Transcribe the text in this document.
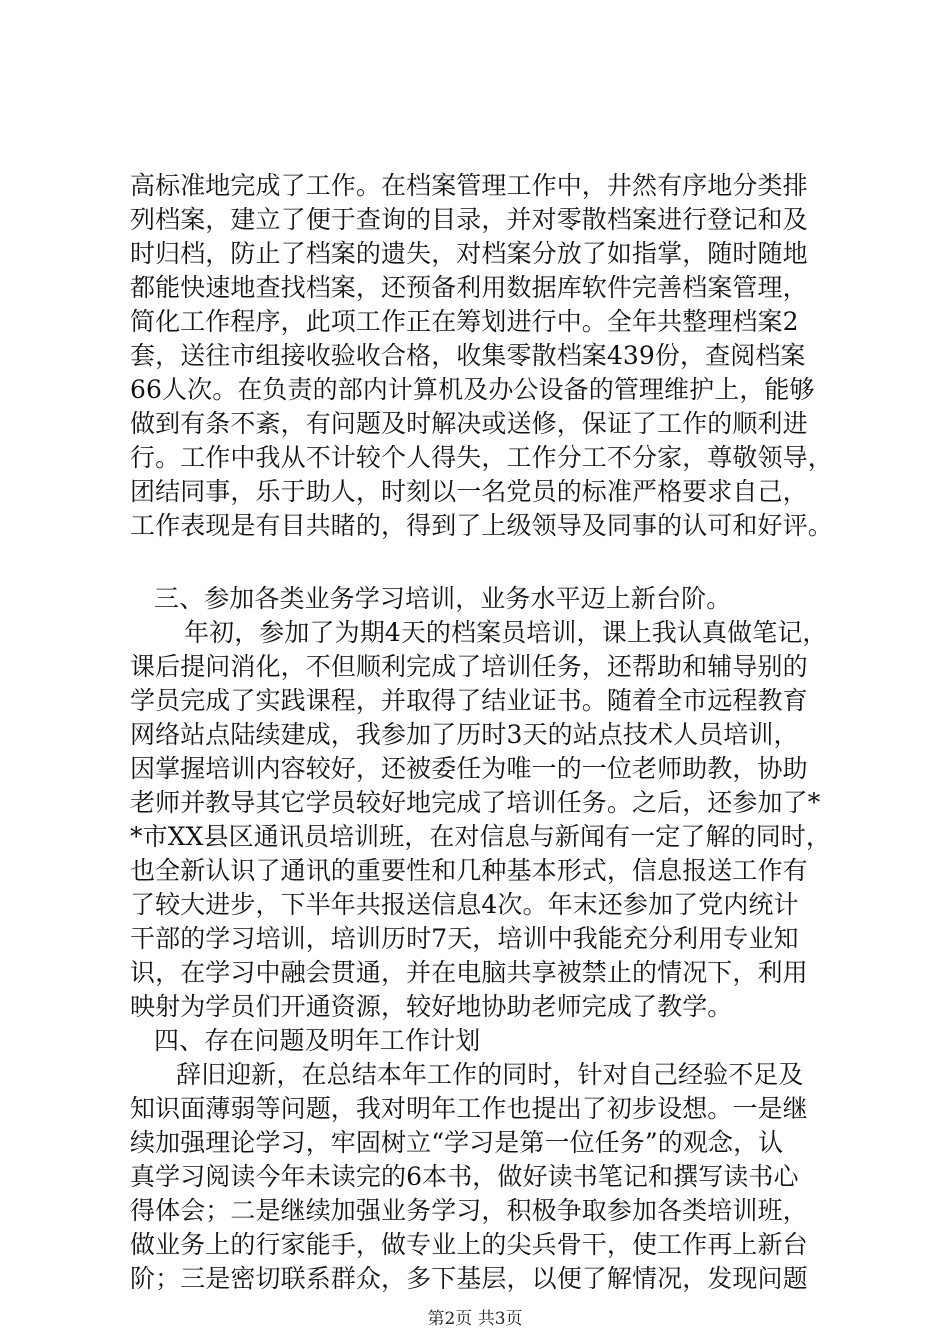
高标准地完成了工作。在档案管理工作中，井然有序地分类排
列档案，建立了便于查询的目录，并对零散档案进行登记和及
时归档，防止了档案的遗失，对档案分放了如指掌，随时随地
都能快速地查找档案，还预备利用数据库软件完善档案管理，
简化工作程序，此项工作正在筹划进行中。全年共整理档案2
套，送往市组接收验收合格，收集零散档案439份，查阅档案
66人次。在负责的部内计算机及办公设备的管理维护上，能够
做到有条不紊，有问题及时解决或送修，保证了工作的顺利进
行。工作中我从不计较个人得失，工作分工不分家，尊敬领导，
团结同事，乐于助人，时刻以一名党员的标准严格要求自己，
工作表现是有目共睹的，得到了上级领导及同事的认可和好评。
三、参加各类业务学习培训，业务水平迈上新台阶。
年初，参加了为期4天的档案员培训，课上我认真做笔记，
课后提问消化，不但顺利完成了培训任务，还帮助和辅导别的
学员完成了实践课程，并取得了结业证书。随着全市远程教育
网络站点陆续建成，我参加了历时3天的站点技术人员培训，
因掌握培训内容较好，还被委任为唯一的一位老师助教，协助
老师并教导其它学员较好地完成了培训任务。之后，还参加了*
*市XX县区通讯员培训班，在对信息与新闻有一定了解的同时，
也全新认识了通讯的重要性和几种基本形式，信息报送工作有
了较大进步，下半年共报送信息4次。年末还参加了党内统计
干部的学习培训，培训历时7天，培训中我能充分利用专业知
识，在学习中融会贯通，并在电脑共享被禁止的情况下，利用
映射为学员们开通资源，较好地协助老师完成了教学。
四、存在问题及明年工作计划
辞旧迎新，在总结本年工作的同时，针对自己经验不足及
知识面薄弱等问题，我对明年工作也提出了初步设想。一是继
续加强理论学习，牢固树立“学习是第一位任务”的观念，认
真学习阅读今年未读完的6本书，做好读书笔记和撰写读书心
得体会；二是继续加强业务学习，积极争取参加各类培训班，
做业务上的行家能手，做专业上的尖兵骨干，使工作再上新台
阶；三是密切联系群众，多下基层，以便了解情况，发现问题
第2页 共3页
